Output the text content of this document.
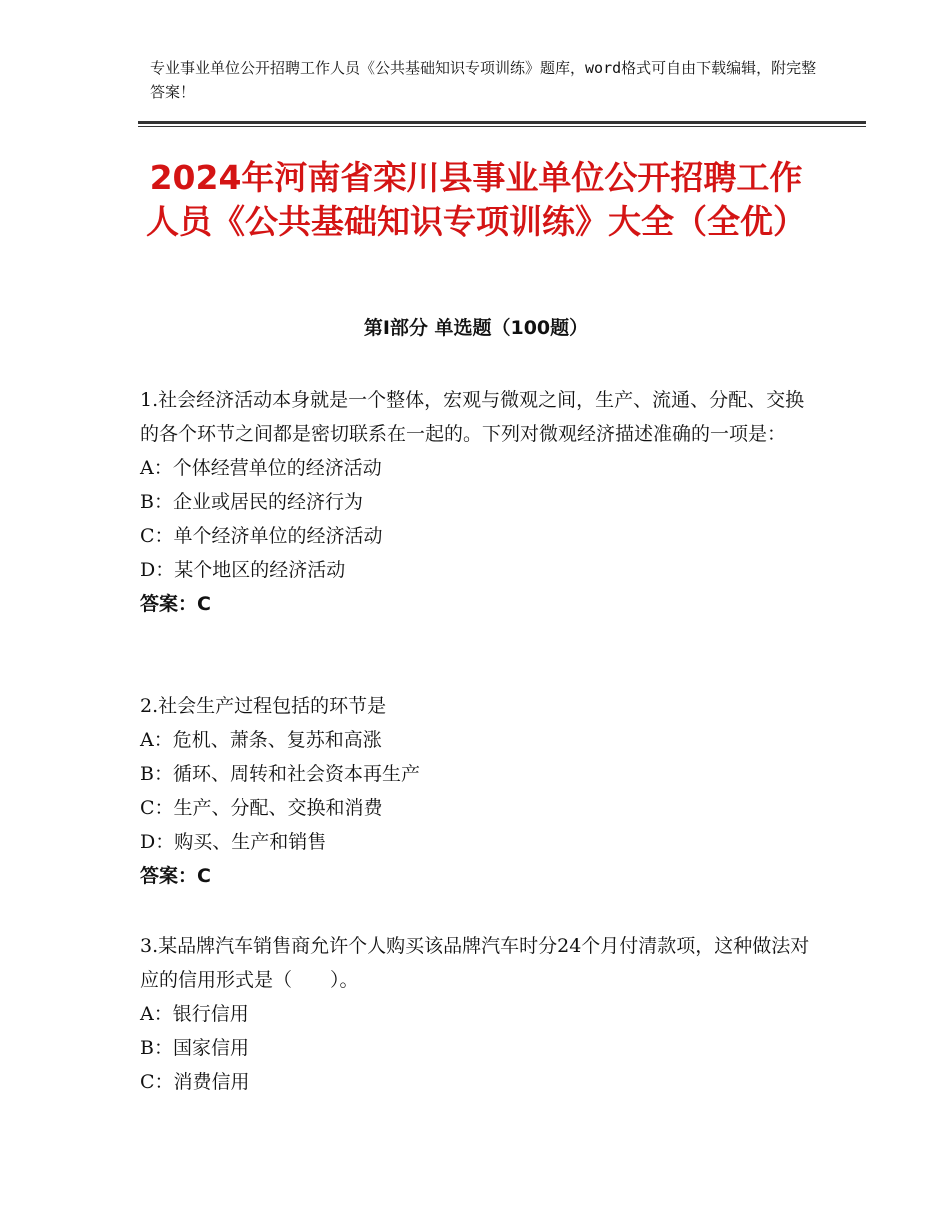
专业事业单位公开招聘工作人员《公共基础知识专项训练》题库，word格式可自由下载编辑，附完整答案！
2024年河南省栾川县事业单位公开招聘工作人员《公共基础知识专项训练》大全（全优）
第Ⅰ部分 单选题（100题）

1.社会经济活动本身就是一个整体，宏观与微观之间，生产、流通、分配、交换的各个环节之间都是密切联系在一起的。下列对微观经济描述准确的一项是：

A：个体经营单位的经济活动

B：企业或居民的经济行为

C：单个经济单位的经济活动

D：某个地区的经济活动

答案：C

2.社会生产过程包括的环节是

A：危机、萧条、复苏和高涨

B：循环、周转和社会资本再生产

C：生产、分配、交换和消费

D：购买、生产和销售

答案：C

3.某品牌汽车销售商允许个人购买该品牌汽车时分24个月付清款项，这种做法对应的信用形式是（　　）。

A：银行信用

B：国家信用

C：消费信用
